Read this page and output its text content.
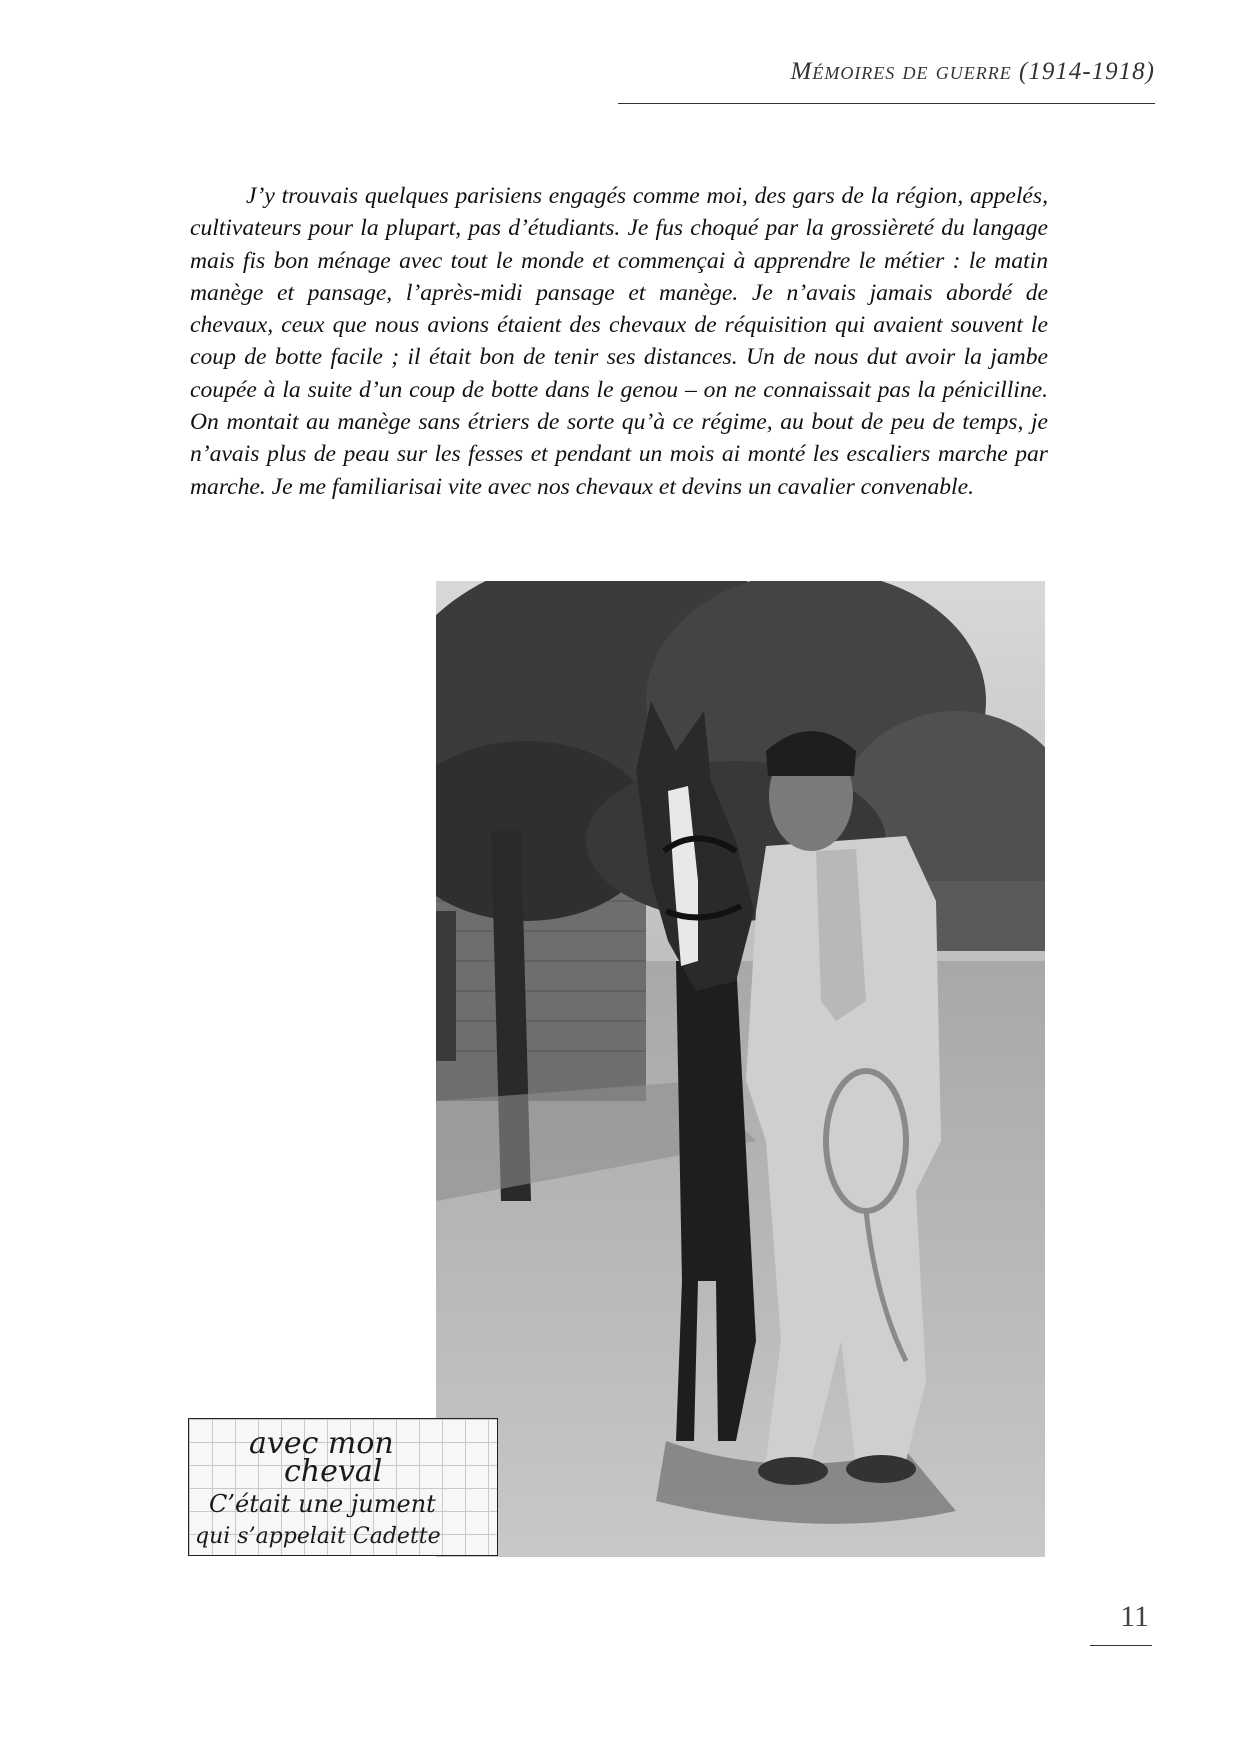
Mémoires de guerre (1914-1918)

J’y trouvais quelques parisiens engagés comme moi, des gars de la région, appelés, cultivateurs pour la plupart, pas d’étudiants. Je fus choqué par la grossièreté du langage mais fis bon ménage avec tout le monde et commençai à apprendre le métier : le matin manège et pansage, l’après-midi pansage et manège. Je n’avais jamais abordé de chevaux, ceux que nous avions étaient des chevaux de réquisition qui avaient souvent le coup de botte facile ; il était bon de tenir ses distances. Un de nous dut avoir la jambe coupée à la suite d’un coup de botte dans le genou – on ne connaissait pas la pénicilline. On montait au manège sans étriers de sorte qu’à ce régime, au bout de peu de temps, je n’avais plus de peau sur les fesses et pendant un mois ai monté les escaliers marche par marche. Je me familiarisai vite avec nos chevaux et devins un cavalier convenable.

avec mon
cheval
C’était une jument
qui s’appelait Cadette
11
